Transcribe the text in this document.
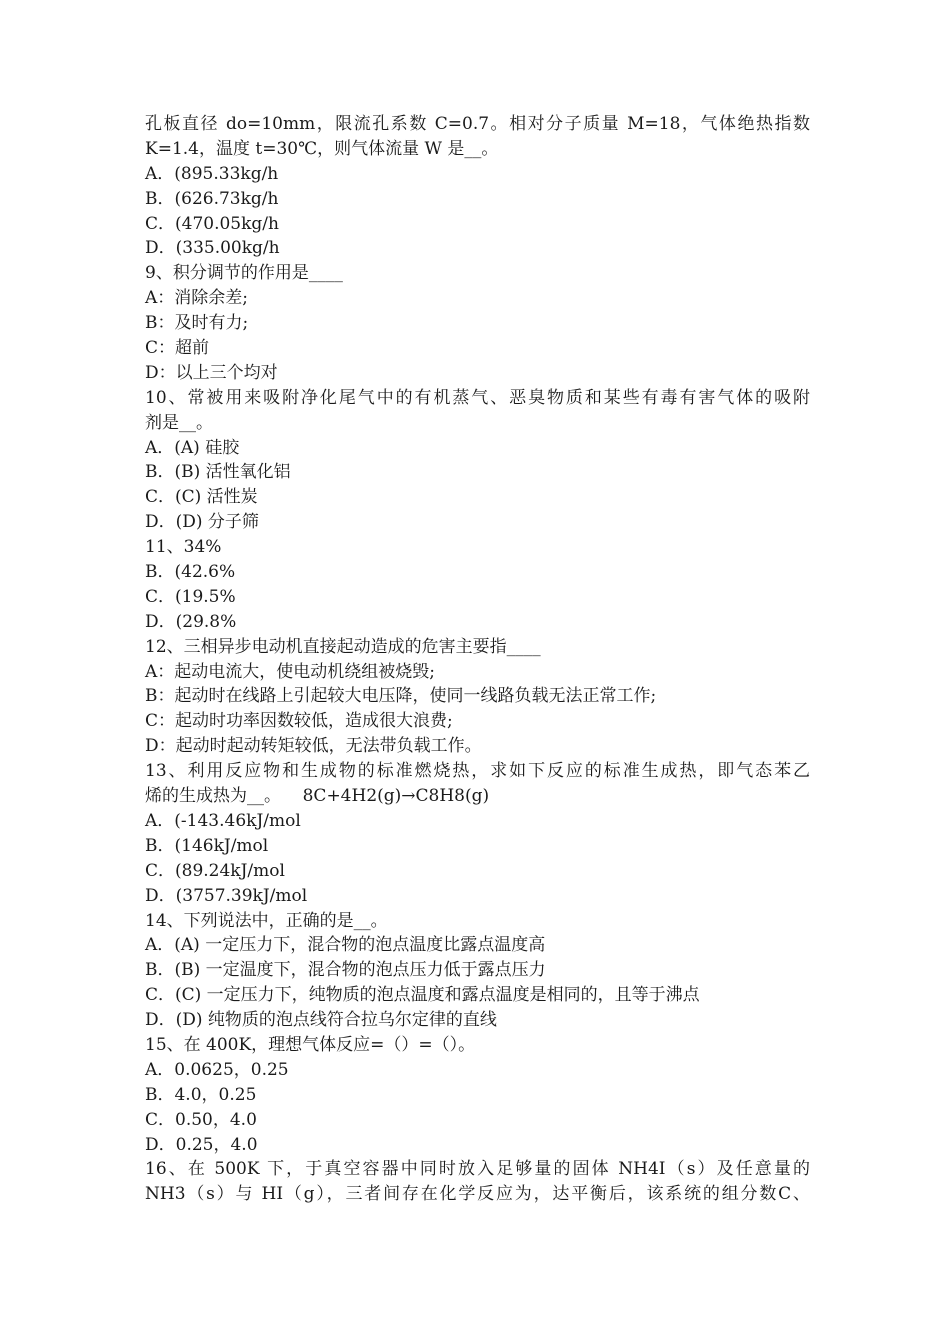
孔板直径 do=10mm，限流孔系数 C=0.7。相对分子质量 M=18，气体绝热指数
K=1.4，温度 t=30℃，则气体流量 W 是__。
A．(895.33kg/h
B．(626.73kg/h
C．(470.05kg/h
D．(335.00kg/h
9、积分调节的作用是____
A：消除余差;
B：及时有力;
C：超前
D：以上三个均对
10、常被用来吸附净化尾气中的有机蒸气、恶臭物质和某些有毒有害气体的吸附
剂是__。
A．(A) 硅胶
B．(B) 活性氧化铝
C．(C) 活性炭
D．(D) 分子筛
11、34%
B．(42.6%
C．(19.5%
D．(29.8%
12、三相异步电动机直接起动造成的危害主要指____
A：起动电流大，使电动机绕组被烧毁;
B：起动时在线路上引起较大电压降，使同一线路负载无法正常工作;
C：起动时功率因数较低，造成很大浪费;
D：起动时起动转矩较低，无法带负载工作。
13、利用反应物和生成物的标准燃烧热，求如下反应的标准生成热，即气态苯乙
烯的生成热为__。    8C+4H2(g)→C8H8(g)
A．(-143.46kJ/mol
B．(146kJ/mol
C．(89.24kJ/mol
D．(3757.39kJ/mol
14、下列说法中，正确的是__。
A．(A) 一定压力下，混合物的泡点温度比露点温度高
B．(B) 一定温度下，混合物的泡点压力低于露点压力
C．(C) 一定压力下，纯物质的泡点温度和露点温度是相同的，且等于沸点
D．(D) 纯物质的泡点线符合拉乌尔定律的直线
15、在 400K，理想气体反应=（）=（）。
A．0.0625，0.25
B．4.0，0.25
C．0.50，4.0
D．0.25，4.0
16、在 500K 下，于真空容器中同时放入足够量的固体 NH4I（s）及任意量的
NH3（s）与 HI（g），三者间存在化学反应为，达平衡后，该系统的组分数C、
